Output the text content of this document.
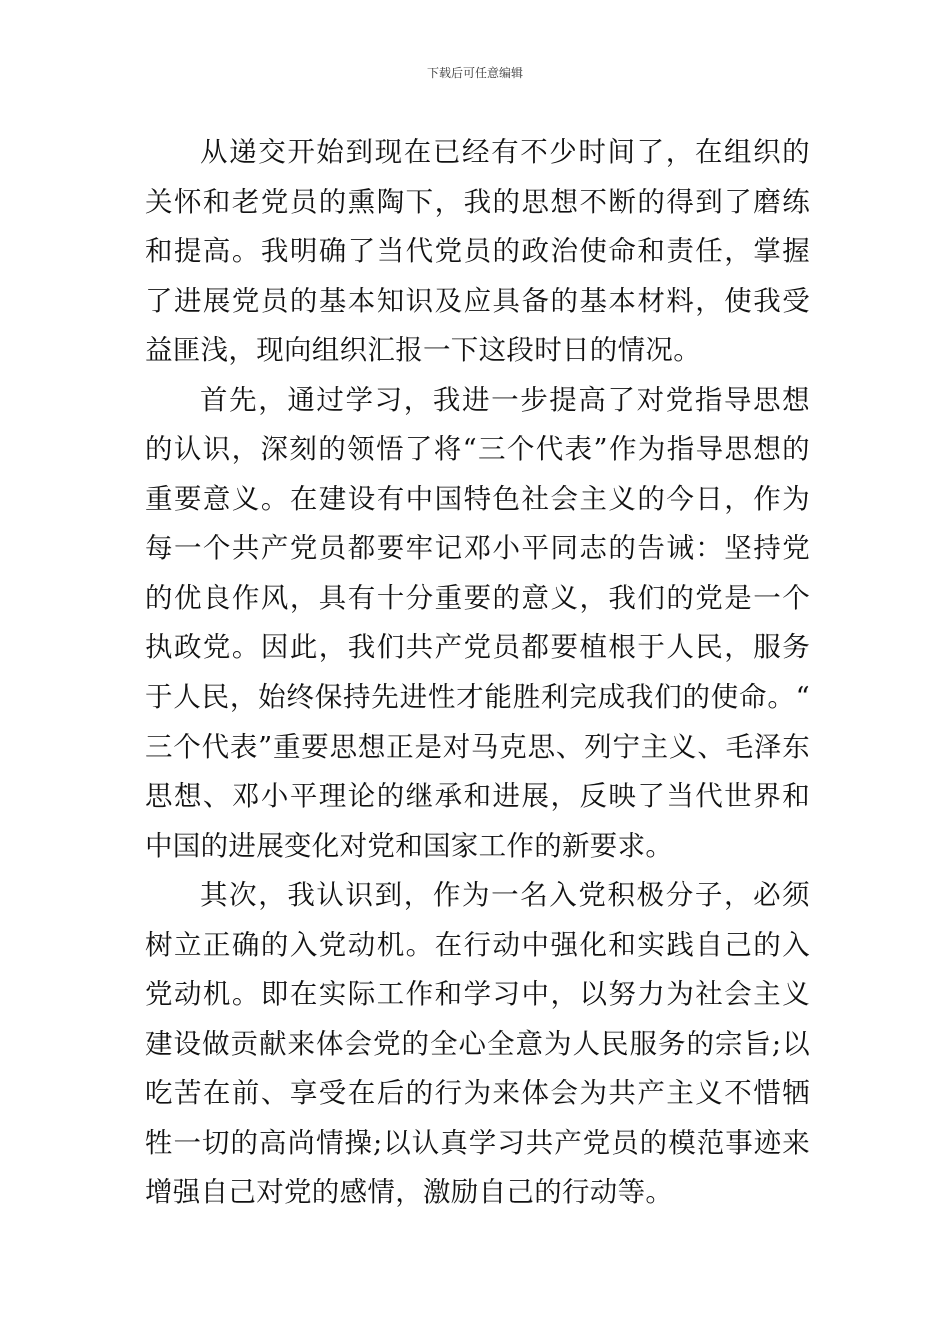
下载后可任意编辑

从递交开始到现在已经有不少时间了，在组织的关怀和老党员的熏陶下，我的思想不断的得到了磨练和提高。我明确了当代党员的政治使命和责任，掌握了进展党员的基本知识及应具备的基本材料，使我受益匪浅，现向组织汇报一下这段时日的情况。

首先，通过学习，我进一步提高了对党指导思想的认识，深刻的领悟了将“三个代表”作为指导思想的重要意义。在建设有中国特色社会主义的今日，作为每一个共产党员都要牢记邓小平同志的告诫：坚持党的优良作风，具有十分重要的意义，我们的党是一个执政党。因此，我们共产党员都要植根于人民，服务于人民，始终保持先进性才能胜利完成我们的使命。“三个代表”重要思想正是对马克思、列宁主义、毛泽东思想、邓小平理论的继承和进展，反映了当代世界和中国的进展变化对党和国家工作的新要求。

其次，我认识到，作为一名入党积极分子，必须树立正确的入党动机。在行动中强化和实践自己的入党动机。即在实际工作和学习中，以努力为社会主义建设做贡献来体会党的全心全意为人民服务的宗旨;以吃苦在前、享受在后的行为来体会为共产主义不惜牺牲一切的高尚情操;以认真学习共产党员的模范事迹来增强自己对党的感情，激励自己的行动等。
